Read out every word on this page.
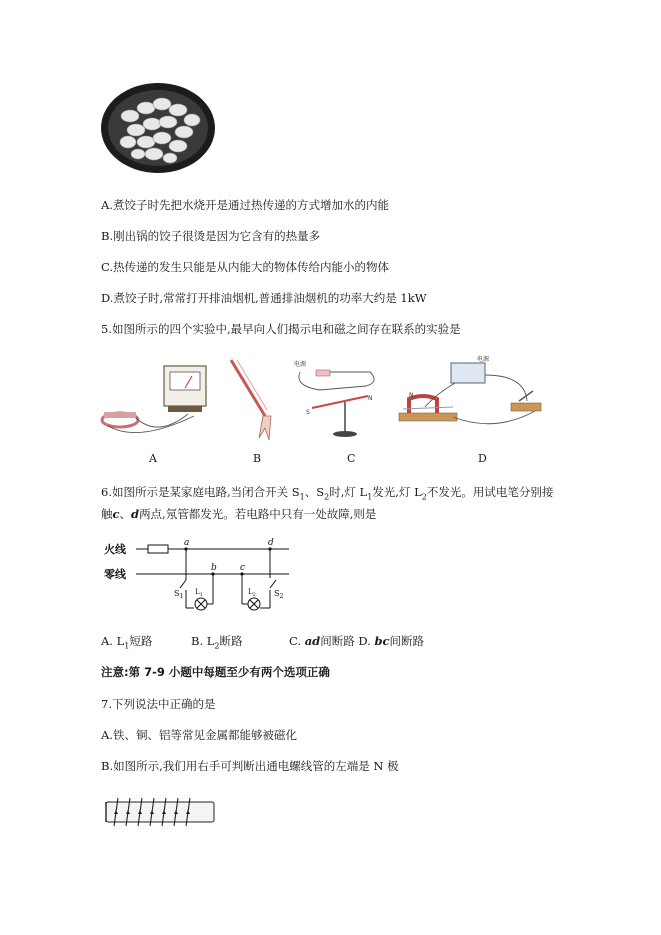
A.煮饺子时先把水烧开是通过热传递的方式增加水的内能
B.刚出锅的饺子很烫是因为它含有的热量多
C.热传递的发生只能是从内能大的物体传给内能小的物体
D.煮饺子时,常常打开排油烟机,普通排油烟机的功率大约是 1kW
5.如图所示的四个实验中,最早向人们揭示电和磁之间存在联系的实验是
电源
S
N
电源
N
A	B	C	D
6.如图所示是某家庭电路,当闭合开关 $S_1$、$S_2$时,灯 $L_1$发光,灯 $L_2$不发光。用试电笔分别接
触c、d两点,氖管都发光。若电路中只有一处故障,则是
火线
零线
a	d
b	c
$S_1$
$L_1$	$L_2$ $S_2$
A. $L_1$短路	B. $L_2$断路	C. ad间断路 D. bc间断路
注意:第 7-9 小题中每题至少有两个选项正确
7.下列说法中正确的是
A.铁、铜、铝等常见金属都能够被磁化
B.如图所示,我们用右手可判断出通电螺线管的左端是 N 极
